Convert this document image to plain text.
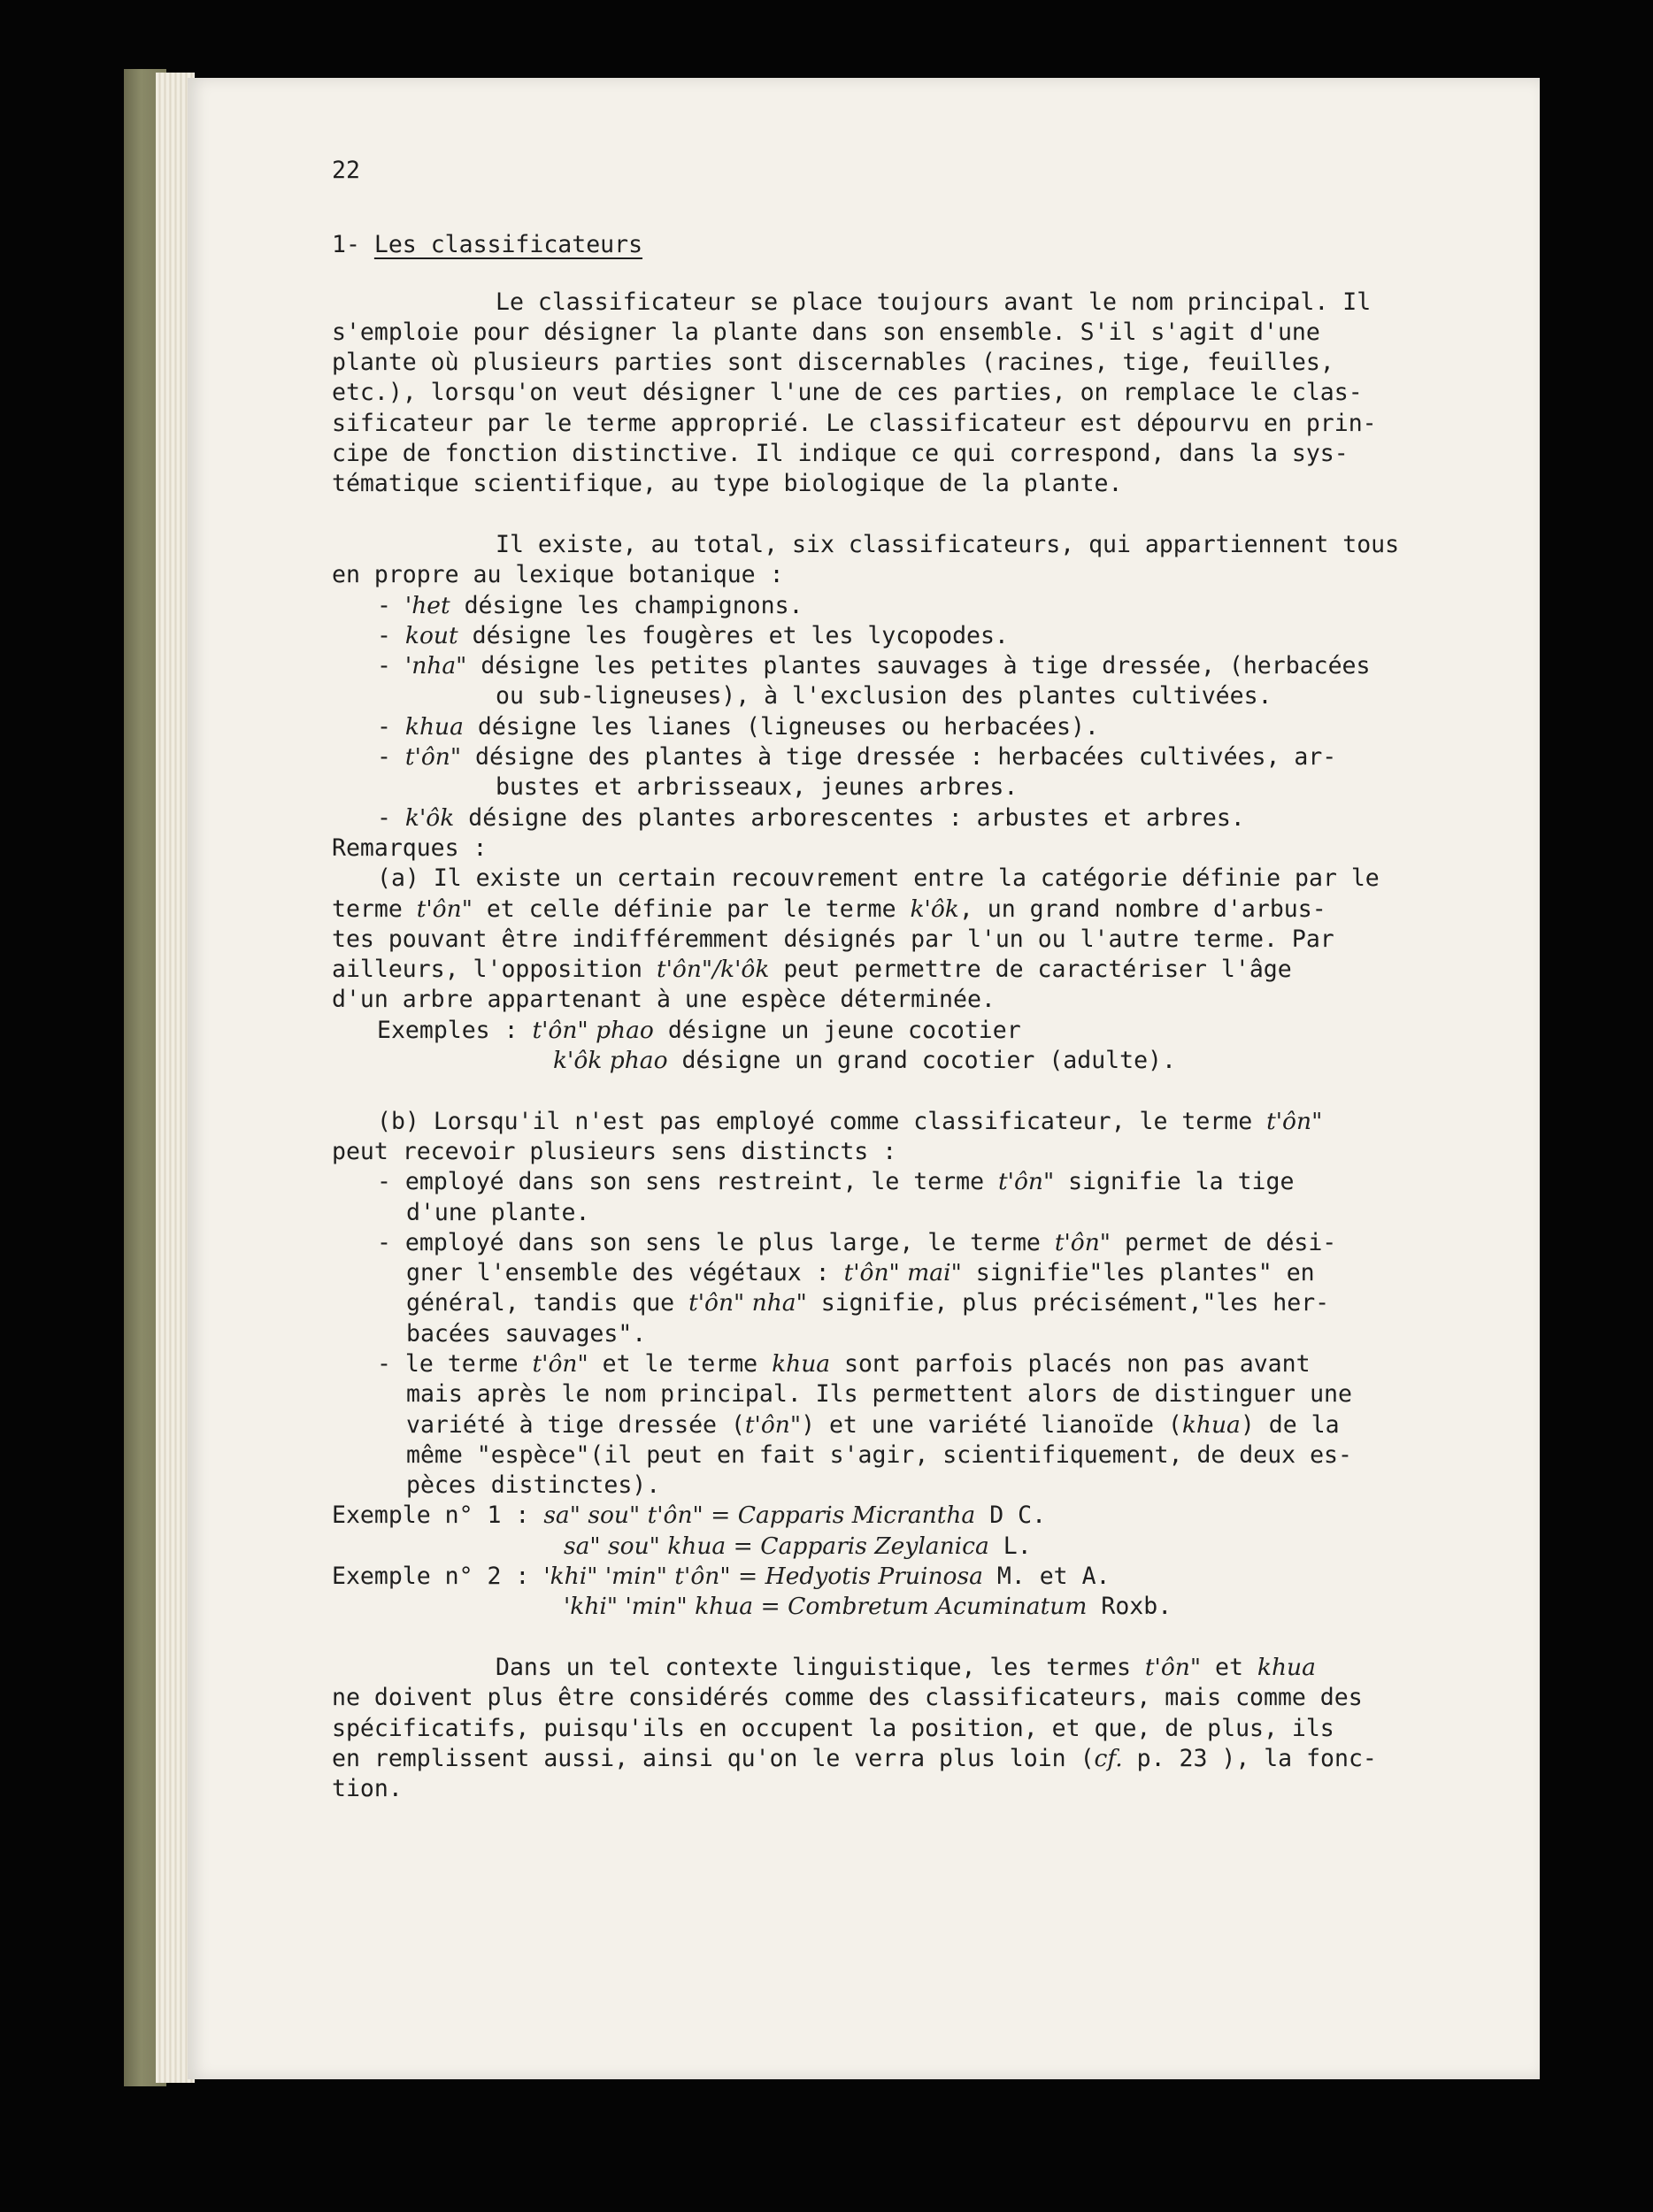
22
1- Les classificateurs
Le classificateur se place toujours avant le nom principal. Il
s'emploie pour désigner la plante dans son ensemble. S'il s'agit d'une
plante où plusieurs parties sont discernables (racines, tige, feuilles,
etc.), lorsqu'on veut désigner l'une de ces parties, on remplace le clas-
sificateur par le terme approprié. Le classificateur est dépourvu en prin-
cipe de fonction distinctive. Il indique ce qui correspond, dans la sys-
tématique scientifique, au type biologique de la plante.
Il existe, au total, six classificateurs, qui appartiennent tous
en propre au lexique botanique :
- 'het désigne les champignons.
- kout désigne les fougères et les lycopodes.
- 'nha" désigne les petites plantes sauvages à tige dressée, (herbacées
ou sub-ligneuses), à l'exclusion des plantes cultivées.
- khua désigne les lianes (ligneuses ou herbacées).
- t'ôn" désigne des plantes à tige dressée : herbacées cultivées, ar-
bustes et arbrisseaux, jeunes arbres.
- k'ôk désigne des plantes arborescentes : arbustes et arbres.
Remarques :
(a) Il existe un certain recouvrement entre la catégorie définie par le
terme t'ôn" et celle définie par le terme k'ôk, un grand nombre d'arbus-
tes pouvant être indifféremment désignés par l'un ou l'autre terme. Par
ailleurs, l'opposition t'ôn"/k'ôk peut permettre de caractériser l'âge
d'un arbre appartenant à une espèce déterminée.
Exemples : t'ôn" phao désigne un jeune cocotier
k'ôk phao désigne un grand cocotier (adulte).
(b) Lorsqu'il n'est pas employé comme classificateur, le terme t'ôn"
peut recevoir plusieurs sens distincts :
- employé dans son sens restreint, le terme t'ôn" signifie la tige
d'une plante.
- employé dans son sens le plus large, le terme t'ôn" permet de dési-
gner l'ensemble des végétaux : t'ôn" mai" signifie"les plantes" en
général, tandis que t'ôn" nha" signifie, plus précisément,"les her-
bacées sauvages".
- le terme t'ôn" et le terme khua sont parfois placés non pas avant
mais après le nom principal. Ils permettent alors de distinguer une
variété à tige dressée (t'ôn") et une variété lianoïde (khua) de la
même "espèce"(il peut en fait s'agir, scientifiquement, de deux es-
pèces distinctes).
Exemple n° 1 : sa" sou" t'ôn" = Capparis Micrantha D C.
sa" sou" khua = Capparis Zeylanica L.
Exemple n° 2 : 'khi" 'min" t'ôn" = Hedyotis Pruinosa M. et A.
'khi" 'min" khua = Combretum Acuminatum Roxb.
Dans un tel contexte linguistique, les termes t'ôn" et khua
ne doivent plus être considérés comme des classificateurs, mais comme des
spécificatifs, puisqu'ils en occupent la position, et que, de plus, ils
en remplissent aussi, ainsi qu'on le verra plus loin (cf. p. 23 ), la fonc-
tion.
